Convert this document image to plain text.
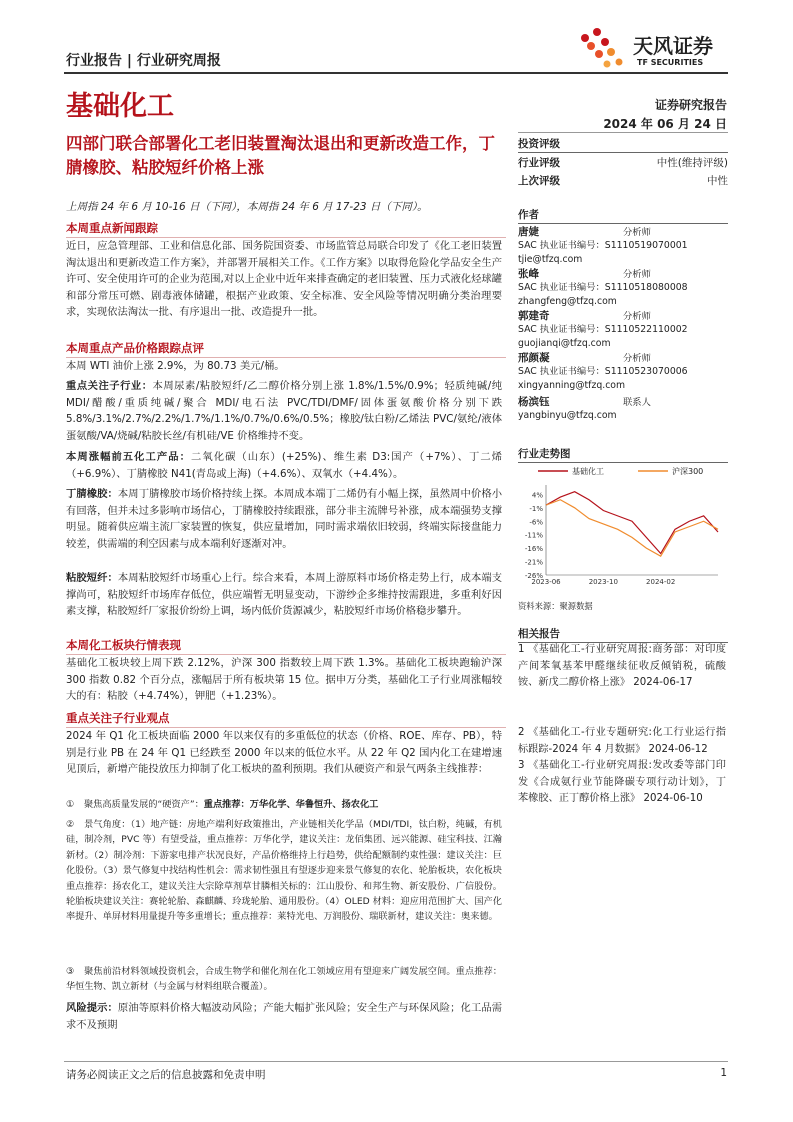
行业报告 | 行业研究周报
基础化工
天风证券
TF SECURITIES
证券研究报告
2024 年 06 月 24 日
四部门联合部署化工老旧装置淘汰退出和更新改造工作，丁腈橡胶、粘胶短纤价格上涨
上周指 24 年 6 月 10-16 日（下同），本周指 24 年 6 月 17-23 日（下同）。
本周重点新闻跟踪
近日，应急管理部、工业和信息化部、国务院国资委、市场监管总局联合印发了《化工老旧装置淘汰退出和更新改造工作方案》，并部署开展相关工作。《工作方案》以取得危险化学品安全生产许可、安全使用许可的企业为范围,对以上企业中近年来排查确定的老旧装置、压力式液化烃球罐和部分常压可燃、剧毒液体储罐，根据产业政策、安全标准、安全风险等情况明确分类治理要求，实现依法淘汰一批、有序退出一批、改造提升一批。
本周重点产品价格跟踪点评
本周 WTI 油价上涨 2.9%，为 80.73 美元/桶。
重点关注子行业：本周尿素/粘胶短纤/乙二醇价格分别上涨 1.8%/1.5%/0.9%；轻质纯碱/纯 MDI/醋酸/重质纯碱/聚合 MDI/电石法 PVC/TDI/DMF/固体蛋氨酸价格分别下跌 5.8%/3.1%/2.7%/2.2%/1.7%/1.1%/0.7%/0.6%/0.5%；橡胶/钛白粉/乙烯法 PVC/氨纶/液体蛋氨酸/VA/烧碱/粘胶长丝/有机硅/VE 价格维持不变。
本周涨幅前五化工产品：二氧化碳（山东）(+25%)、维生素 D3:国产（+7%）、丁二烯（+6.9%）、丁腈橡胶 N41(青岛或上海)（+4.6%）、双氧水（+4.4%）。
丁腈橡胶：本周丁腈橡胶市场价格持续上探。本周成本端丁二烯仍有小幅上探，虽然周中价格小有回落，但并未过多影响市场信心，丁腈橡胶持续跟涨，部分非主流牌号补涨，成本端强势支撑明显。随着供应端主流厂家装置的恢复，供应量增加，同时需求端依旧较弱，终端实际接盘能力较差，供需端的利空因素与成本端利好逐渐对冲。
粘胶短纤：本周粘胶短纤市场重心上行。综合来看，本周上游原料市场价格走势上行，成本端支撑尚可，粘胶短纤市场库存低位，供应端暂无明显变动，下游纱企多维持按需跟进，多重利好因素支撑，粘胶短纤厂家报价纷纷上调，场内低价货源减少，粘胶短纤市场价格稳步攀升。
本周化工板块行情表现
基础化工板块较上周下跌 2.12%，沪深 300 指数较上周下跌 1.3%。基础化工板块跑输沪深 300 指数 0.82 个百分点，涨幅居于所有板块第 15 位。据申万分类，基础化工子行业周涨幅较大的有：粘胶（+4.74%），钾肥（+1.23%）。
重点关注子行业观点
2024 年 Q1 化工板块面临 2000 年以来仅有的多重低位的状态（价格、ROE、库存、PB），特别是行业 PB 在 24 年 Q1 已经跌至 2000 年以来的低位水平。从 22 年 Q2 国内化工在建增速见顶后，新增产能投放压力抑制了化工板块的盈利预期。我们从硬资产和景气两条主线推荐：
① 聚焦高质量发展的“硬资产”：重点推荐：万华化学、华鲁恒升、扬农化工
② 景气角度：（1）地产链：房地产端利好政策推出，产业链相关化学品（MDI/TDI，钛白粉，纯碱，有机硅，制冷剂，PVC 等）有望受益，重点推荐：万华化学，建议关注：龙佰集团、远兴能源、硅宝科技、江瀚新材。（2）制冷剂：下游家电排产状况良好，产品价格维持上行趋势，供给配额制约束性强：建议关注：巨化股份。（3）景气修复中找结构性机会：需求韧性强且有望逐步迎来景气修复的农化、轮胎板块，农化板块重点推荐：扬农化工，建议关注大宗除草剂草甘膦相关标的：江山股份、和邦生物、新安股份、广信股份。轮胎板块建议关注：赛轮轮胎、森麒麟、玲珑轮胎、通用股份。（4）OLED 材料：迎应用范围扩大、国产化率提升、单屏材料用量提升等多重增长；重点推荐：莱特光电、万润股份、瑞联新材，建议关注：奥来德。
③ 聚焦前沿材料领域投资机会，合成生物学和催化剂在化工领域应用有望迎来广阔发展空间。重点推荐：华恒生物、凯立新材（与金属与材料组联合覆盖）。
风险提示：原油等原料价格大幅波动风险；产能大幅扩张风险；安全生产与环保风险；化工品需求不及预期
投资评级
行业评级	中性(维持评级)
上次评级	中性
作者
唐婕	分析师
SAC 执业证书编号：S1110519070001
tjie@tfzq.com
张峰	分析师
SAC 执业证书编号：S1110518080008
zhangfeng@tfzq.com
郭建奇	分析师
SAC 执业证书编号：S1110522110002
guojianqi@tfzq.com
邢颜凝	分析师
SAC 执业证书编号：S1110523070006
xingyanning@tfzq.com
杨滨钰	联系人
yangbinyu@tfzq.com
行业走势图
基础化工	沪深300
4%
-1%
-6%
-11%
-16%
-21%
-26%
2023-06	2023-10	2024-02
资料来源：聚源数据
相关报告
1 《基础化工-行业研究周报:商务部：对印度产间苯氧基苯甲醛继续征收反倾销税，硫酸铵、新戊二醇价格上涨》 2024-06-17
2 《基础化工-行业专题研究:化工行业运行指标跟踪-2024 年 4 月数据》 2024-06-12
3 《基础化工-行业研究周报:发改委等部门印发《合成氨行业节能降碳专项行动计划》，丁苯橡胶、正丁醇价格上涨》 2024-06-10
请务必阅读正文之后的信息披露和免责申明	1
